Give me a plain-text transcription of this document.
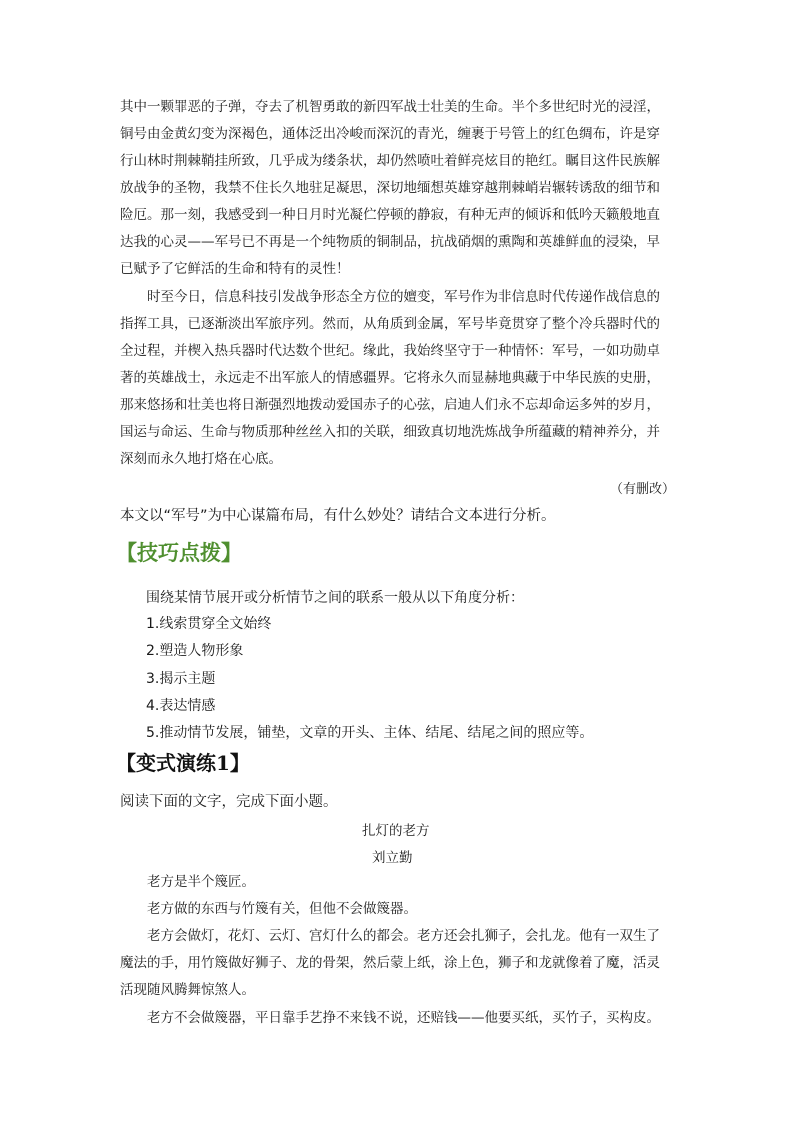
其中一颗罪恶的子弹，夺去了机智勇敢的新四军战士壮美的生命。半个多世纪时光的浸淫，
铜号由金黄幻变为深褐色，通体泛出冷峻而深沉的青光，缠裹于号管上的红色绸布，许是穿
行山林时荆棘鞘挂所致，几乎成为缕条状，却仍然喷吐着鲜亮炫目的艳红。瞩目这件民族解
放战争的圣物，我禁不住长久地驻足凝思，深切地缅想英雄穿越荆棘峭岩辗转诱敌的细节和
险厄。那一刻，我感受到一种日月时光凝伫停顿的静寂，有种无声的倾诉和低吟天籁般地直
达我的心灵——军号已不再是一个纯物质的铜制品，抗战硝烟的熏陶和英雄鲜血的浸染，早
已赋予了它鲜活的生命和特有的灵性！
时至今日，信息科技引发战争形态全方位的嬗变，军号作为非信息时代传递作战信息的
指挥工具，已逐渐淡出军旅序列。然而，从角质到金属，军号毕竟贯穿了整个冷兵器时代的
全过程，并楔入热兵器时代达数个世纪。缘此，我始终坚守于一种情怀：军号，一如功勋卓
著的英雄战士，永远走不出军旅人的情感疆界。它将永久而显赫地典藏于中华民族的史册，
那来悠扬和壮美也将日渐强烈地拨动爱国赤子的心弦，启迪人们永不忘却命运多舛的岁月，
国运与命运、生命与物质那种丝丝入扣的关联，细致真切地洗炼战争所蕴藏的精神养分，并
深刻而永久地打烙在心底。
（有删改）
本文以“军号”为中心谋篇布局，有什么妙处？请结合文本进行分析。
【技巧点拨】
围绕某情节展开或分析情节之间的联系一般从以下角度分析：
1.线索贯穿全文始终
2.塑造人物形象
3.揭示主题
4.表达情感
5.推动情节发展，铺垫，文章的开头、主体、结尾、结尾之间的照应等。
【变式演练1】
阅读下面的文字，完成下面小题。
扎灯的老方
刘立勤
老方是半个篾匠。
老方做的东西与竹篾有关，但他不会做篾器。
老方会做灯，花灯、云灯、宫灯什么的都会。老方还会扎狮子，会扎龙。他有一双生了
魔法的手，用竹篾做好狮子、龙的骨架，然后蒙上纸，涂上色，狮子和龙就像着了魔，活灵
活现随风腾舞惊煞人。
老方不会做篾器，平日靠手艺挣不来钱不说，还赔钱——他要买纸，买竹子，买构皮。
